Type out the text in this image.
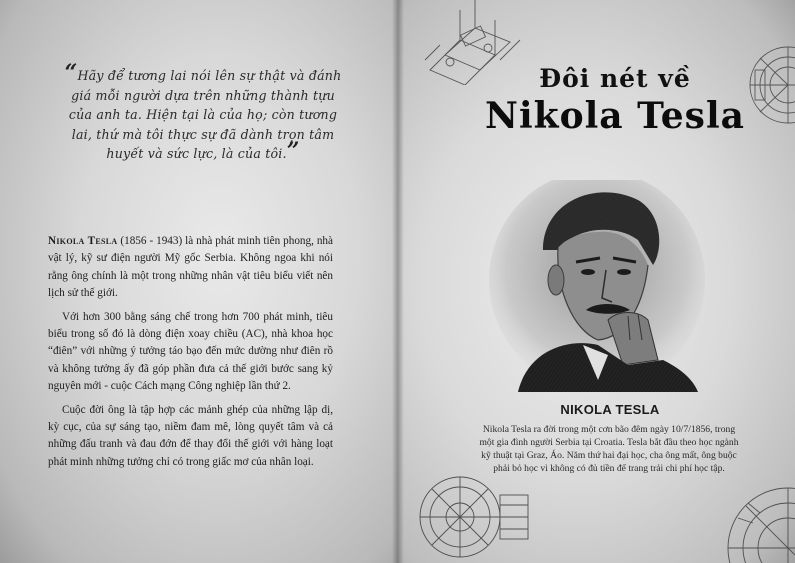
“Hãy để tương lai nói lên sự thật và đánh giá mỗi người dựa trên những thành tựu của anh ta. Hiện tại là của họ; còn tương lai, thứ mà tôi thực sự đã dành trọn tâm huyết và sức lực, là của tôi.”

Nikola Tesla (1856 - 1943) là nhà phát minh tiên phong, nhà vật lý, kỹ sư điện người Mỹ gốc Serbia. Không ngoa khi nói rằng ông chính là một trong những nhân vật tiêu biểu viết nên lịch sử thế giới.

Với hơn 300 bằng sáng chế trong hơn 700 phát minh, tiêu biểu trong số đó là dòng điện xoay chiều (AC), nhà khoa học “điên” với những ý tưởng táo bạo đến mức dường như điên rồ và không tưởng ấy đã góp phần đưa cả thế giới bước sang kỷ nguyên mới - cuộc Cách mạng Công nghiệp lần thứ 2.

Cuộc đời ông là tập hợp các mảnh ghép của những lập dị, kỳ cục, của sự sáng tạo, niềm đam mê, lòng quyết tâm và cả những đấu tranh và đau đớn để thay đổi thế giới với hàng loạt phát minh những tưởng chỉ có trong giấc mơ của nhân loại.

Đôi nét về
Nikola Tesla
NIKOLA TESLA
Nikola Tesla ra đời trong một cơn bão đêm ngày 10/7/1856, trong một gia đình người Serbia tại Croatia. Tesla bắt đầu theo học ngành kỹ thuật tại Graz, Áo. Năm thứ hai đại học, cha ông mất, ông buộc phải bỏ học vì không có đủ tiền để trang trải chi phí học tập.
